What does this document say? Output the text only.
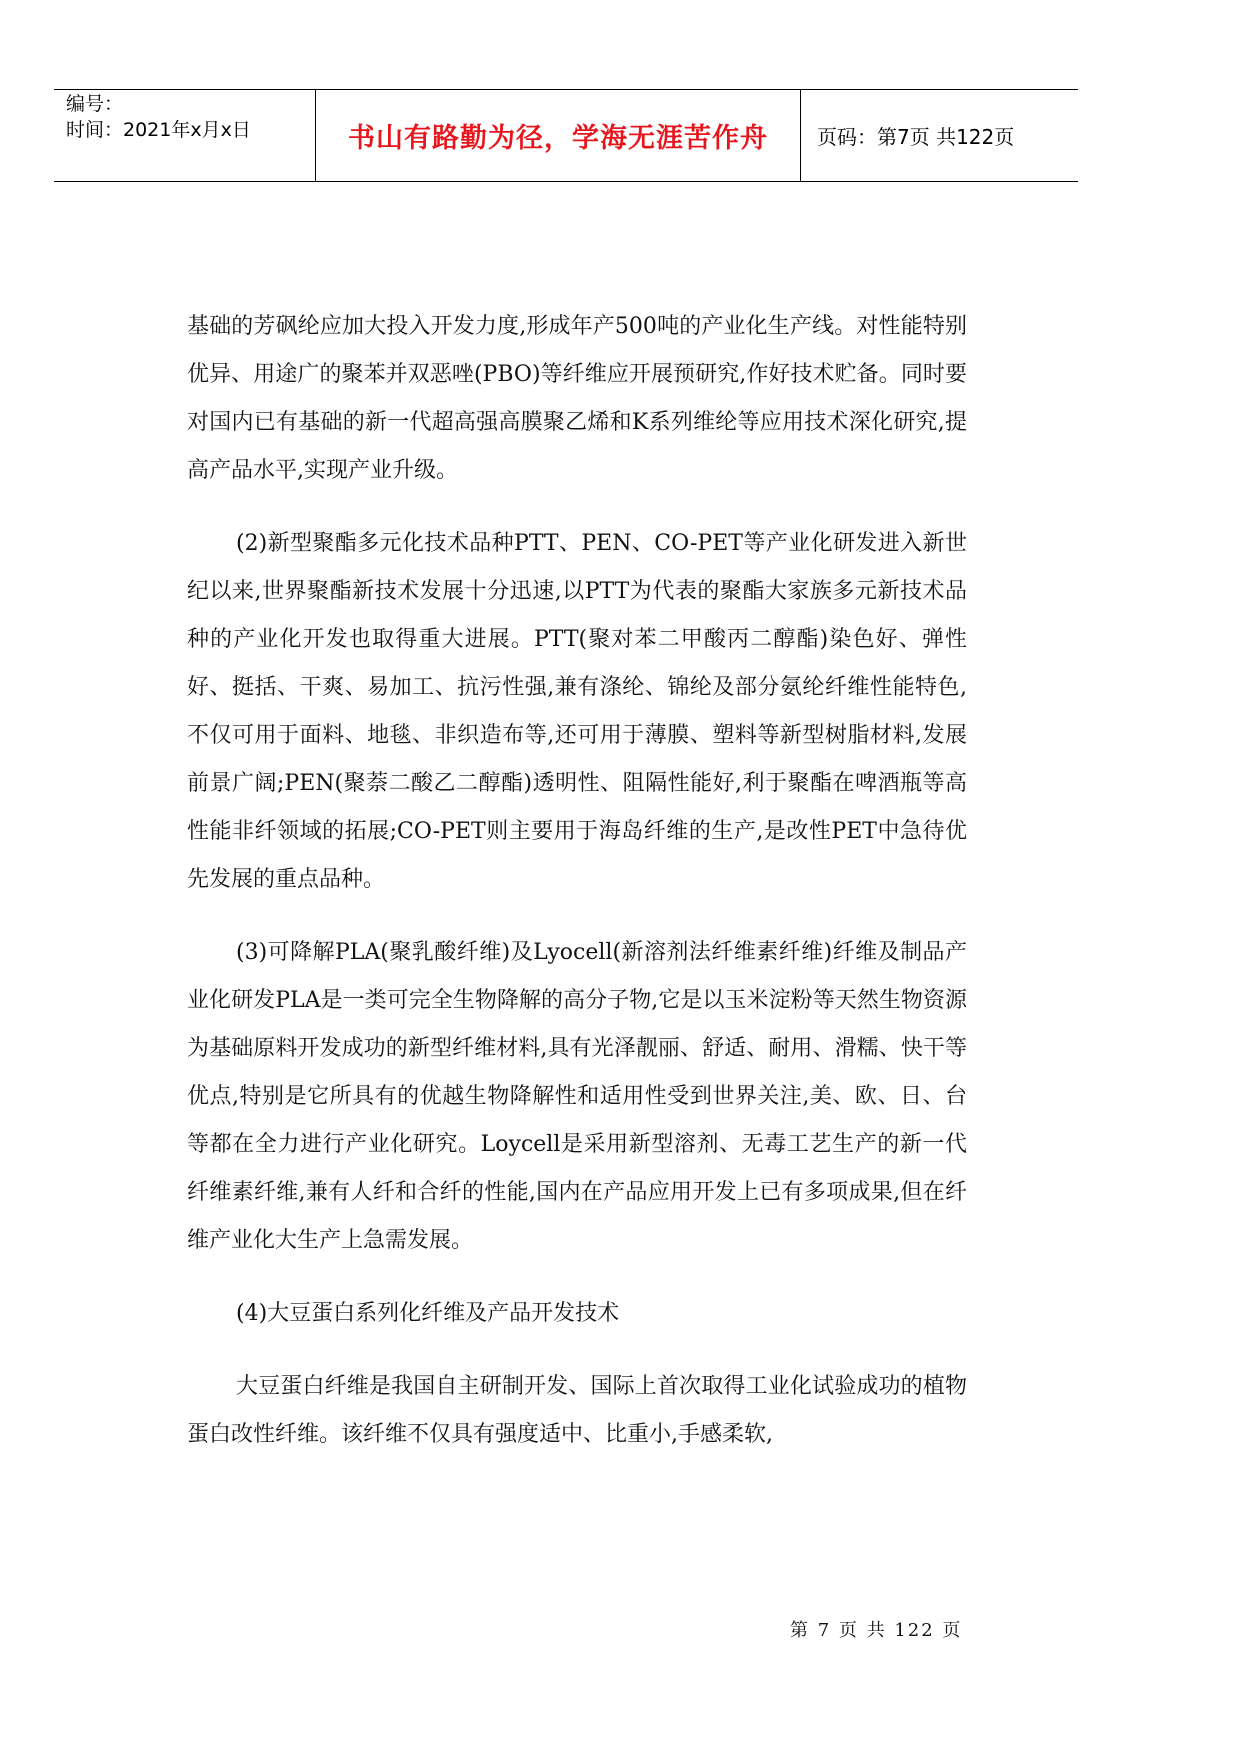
编号：
时间：2021年x月x日	书山有路勤为径，学海无涯苦作舟 页码：第7页 共122页

基础的芳砜纶应加大投入开发力度,形成年产500吨的产业化生产线。对性能特别优异、用途广的聚苯并双恶唑(PBO)等纤维应开展预研究,作好技术贮备。同时要对国内已有基础的新一代超高强高膜聚乙烯和K系列维纶等应用技术深化研究,提高产品水平,实现产业升级。

(2)新型聚酯多元化技术品种PTT、PEN、CO-PET等产业化研发进入新世纪以来,世界聚酯新技术发展十分迅速,以PTT为代表的聚酯大家族多元新技术品种的产业化开发也取得重大进展。PTT(聚对苯二甲酸丙二醇酯)染色好、弹性好、挺括、干爽、易加工、抗污性强,兼有涤纶、锦纶及部分氨纶纤维性能特色,不仅可用于面料、地毯、非织造布等,还可用于薄膜、塑料等新型树脂材料,发展前景广阔;PEN(聚萘二酸乙二醇酯)透明性、阻隔性能好,利于聚酯在啤酒瓶等高性能非纤领域的拓展;CO-PET则主要用于海岛纤维的生产,是改性PET中急待优先发展的重点品种。

(3)可降解PLA(聚乳酸纤维)及Lyocell(新溶剂法纤维素纤维)纤维及制品产业化研发PLA是一类可完全生物降解的高分子物,它是以玉米淀粉等天然生物资源为基础原料开发成功的新型纤维材料,具有光泽靓丽、舒适、耐用、滑糯、快干等优点,特别是它所具有的优越生物降解性和适用性受到世界关注,美、欧、日、台等都在全力进行产业化研究。Loycell是采用新型溶剂、无毒工艺生产的新一代纤维素纤维,兼有人纤和合纤的性能,国内在产品应用开发上已有多项成果,但在纤维产业化大生产上急需发展。

(4)大豆蛋白系列化纤维及产品开发技术

大豆蛋白纤维是我国自主研制开发、国际上首次取得工业化试验成功的植物蛋白改性纤维。该纤维不仅具有强度适中、比重小,手感柔软,

第 7 页 共 122 页
